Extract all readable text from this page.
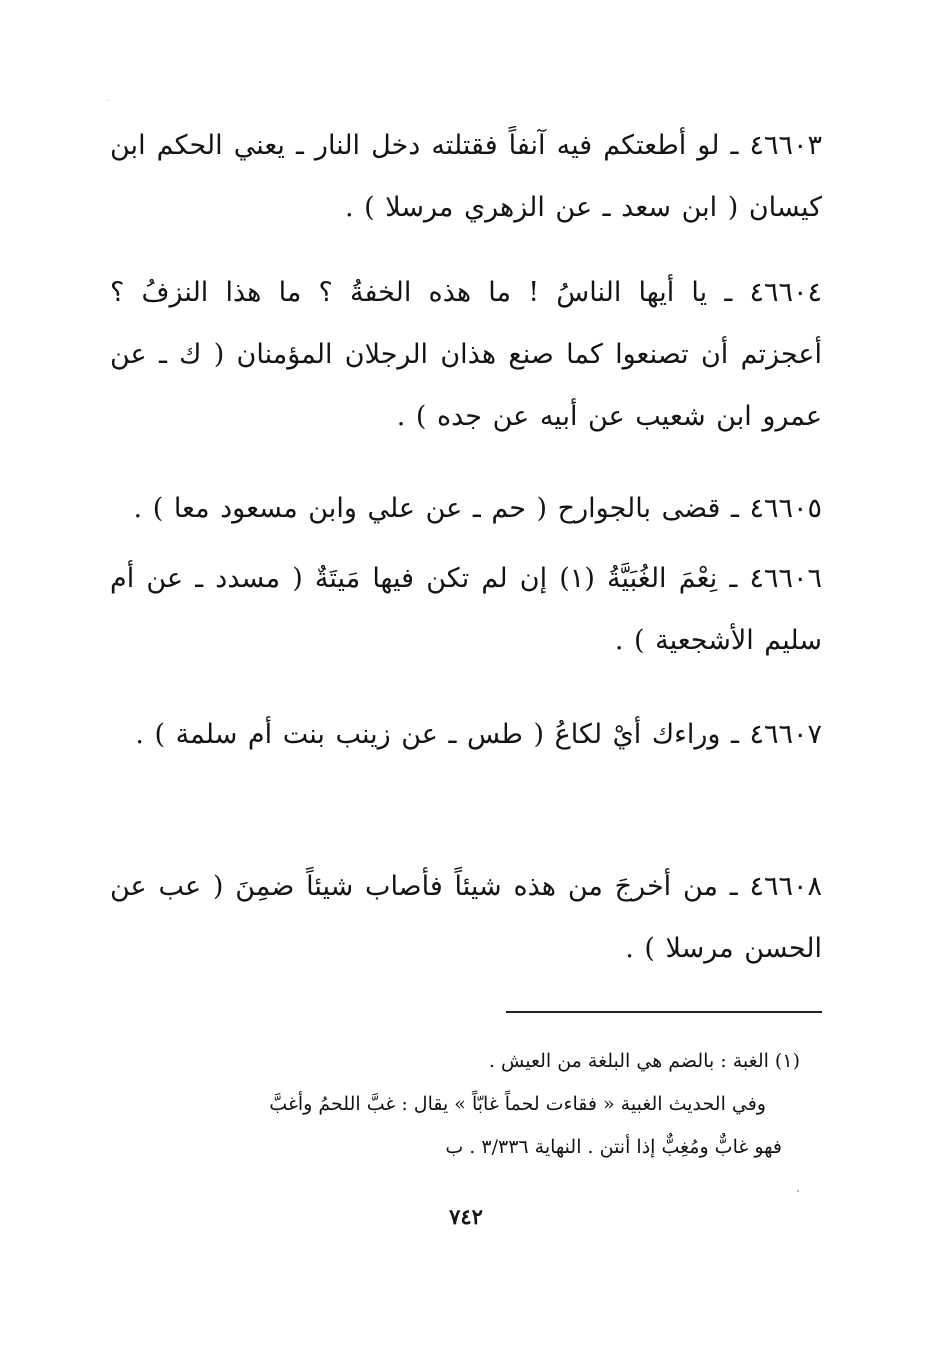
٤٦٦٠٣ ـ لو أطعتكم فيه آنفاً فقتلته دخل النار ـ يعني الحكم ابن كيسان ( ابن سعد ـ عن الزهري مرسلا ) .

٤٦٦٠٤ ـ يا أيها الناسُ ! ما هذه الخفةُ ؟ ما هذا النزفُ ؟ أعجزتم أن تصنعوا كما صنع هذان الرجلان المؤمنان ( ك ـ عن عمرو ابن شعيب عن أبيه عن جده ) .

٤٦٦٠٥ ـ قضى بالجوارح ( حم ـ عن علي وابن مسعود معا ) .

٤٦٦٠٦ ـ نِعْمَ الغُبَيَّةُ (١) إن لم تكن فيها مَيتَةٌ ( مسدد ـ عن أم سليم الأشجعية ) .

٤٦٦٠٧ ـ وراءك أيْ لكاعُ ( طس ـ عن زينب بنت أم سلمة ) .

٤٦٦٠٨ ـ من أخرجَ من هذه شيئاً فأصاب شيئاً ضمِنَ ( عب عن الحسن مرسلا ) .

(١) الغبة : بالضم هي البلغة من العيش .
وفي الحديث الغبية « فقاءت لحماً غابّاً » يقال : غبَّ اللحمُ وأغبَّ
فهو غابٌّ ومُغِبٌّ إذا أنتن . النهاية ٣/٣٣٦ . ب
٧٤٢
